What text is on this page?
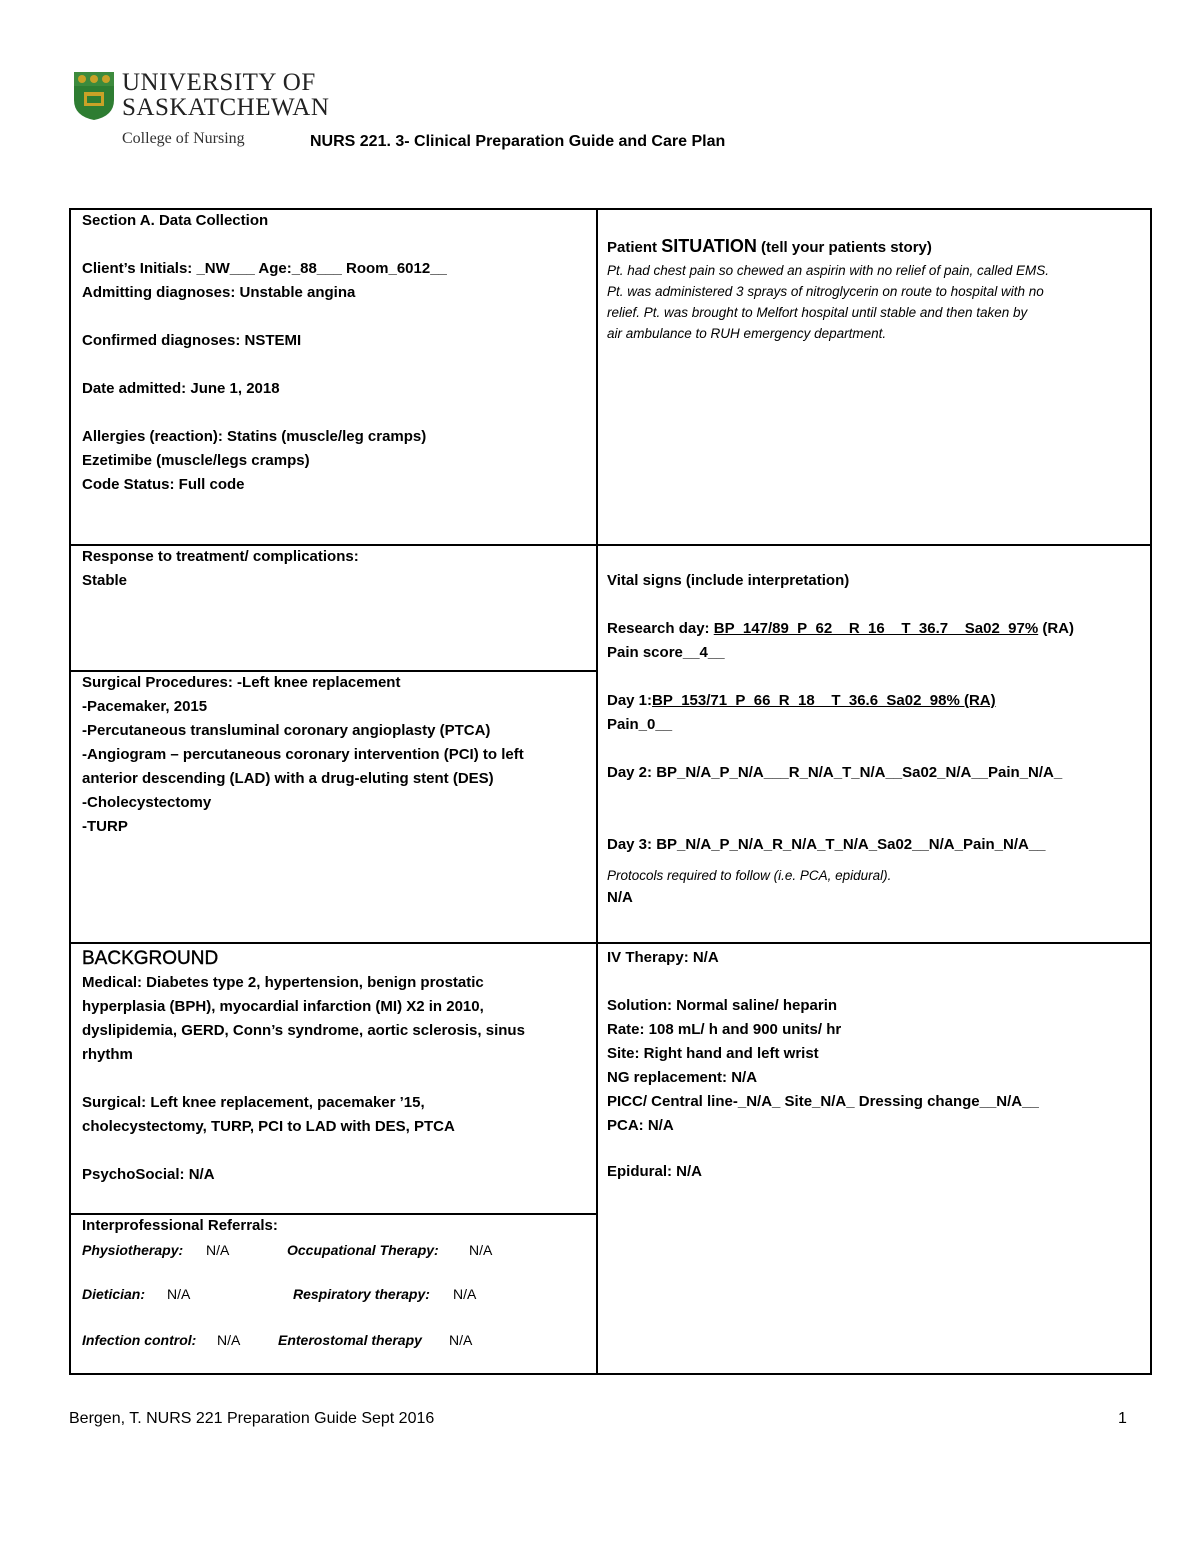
UNIVERSITY OF
SASKATCHEWAN
College of Nursing	NURS 221. 3- Clinical Preparation Guide and Care Plan
Section A. Data Collection
Client’s Initials: _NW___ Age:_88___ Room_6012__
Admitting diagnoses: Unstable angina
Confirmed diagnoses: NSTEMI
Date admitted: June 1, 2018
Allergies (reaction): Statins (muscle/leg cramps)
Ezetimibe (muscle/legs cramps)
Code Status: Full code
Patient SITUATION (tell your patients story)
Pt. had chest pain so chewed an aspirin with no relief of pain, called EMS.
Pt. was administered 3 sprays of nitroglycerin on route to hospital with no
relief. Pt. was brought to Melfort hospital until stable and then taken by
air ambulance to RUH emergency department.
Response to treatment/ complications:
Stable
Surgical Procedures: -Left knee replacement
-Pacemaker, 2015
-Percutaneous transluminal coronary angioplasty (PTCA)
-Angiogram – percutaneous coronary intervention (PCI) to left
anterior descending (LAD) with a drug-eluting stent (DES)
-Cholecystectomy
-TURP
Vital signs (include interpretation)
Research day: BP_147/89_P_62__R_16__T_36.7__Sa02_97% (RA)
Pain score__4__
Day 1:BP_153/71_P_66_R_18__T_36.6_Sa02_98% (RA)
Pain_0__
Day 2: BP_N/A_P_N/A___R_N/A_T_N/A__Sa02_N/A__Pain_N/A_
Day 3: BP_N/A_P_N/A_R_N/A_T_N/A_Sa02__N/A_Pain_N/A__
Protocols required to follow (i.e. PCA, epidural).
N/A
BACKGROUND
Medical: Diabetes type 2, hypertension, benign prostatic
hyperplasia (BPH), myocardial infarction (MI) X2 in 2010,
dyslipidemia, GERD, Conn’s syndrome, aortic sclerosis, sinus
rhythm
Surgical: Left knee replacement, pacemaker ’15,
cholecystectomy, TURP, PCI to LAD with DES, PTCA
PsychoSocial: N/A
IV Therapy: N/A
Solution: Normal saline/ heparin
Rate: 108 mL/ h and 900 units/ hr
Site: Right hand and left wrist
NG replacement: N/A
PICC/ Central line-_N/A_ Site_N/A_ Dressing change__N/A__
PCA: N/A
Epidural: N/A
Interprofessional Referrals:
Physiotherapy:	N/A	Occupational Therapy:	N/A
Dietician:	N/A	Respiratory therapy:	N/A
Infection control:	N/A	Enterostomal therapy	N/A
Bergen, T. NURS 221 Preparation Guide Sept 2016	1
